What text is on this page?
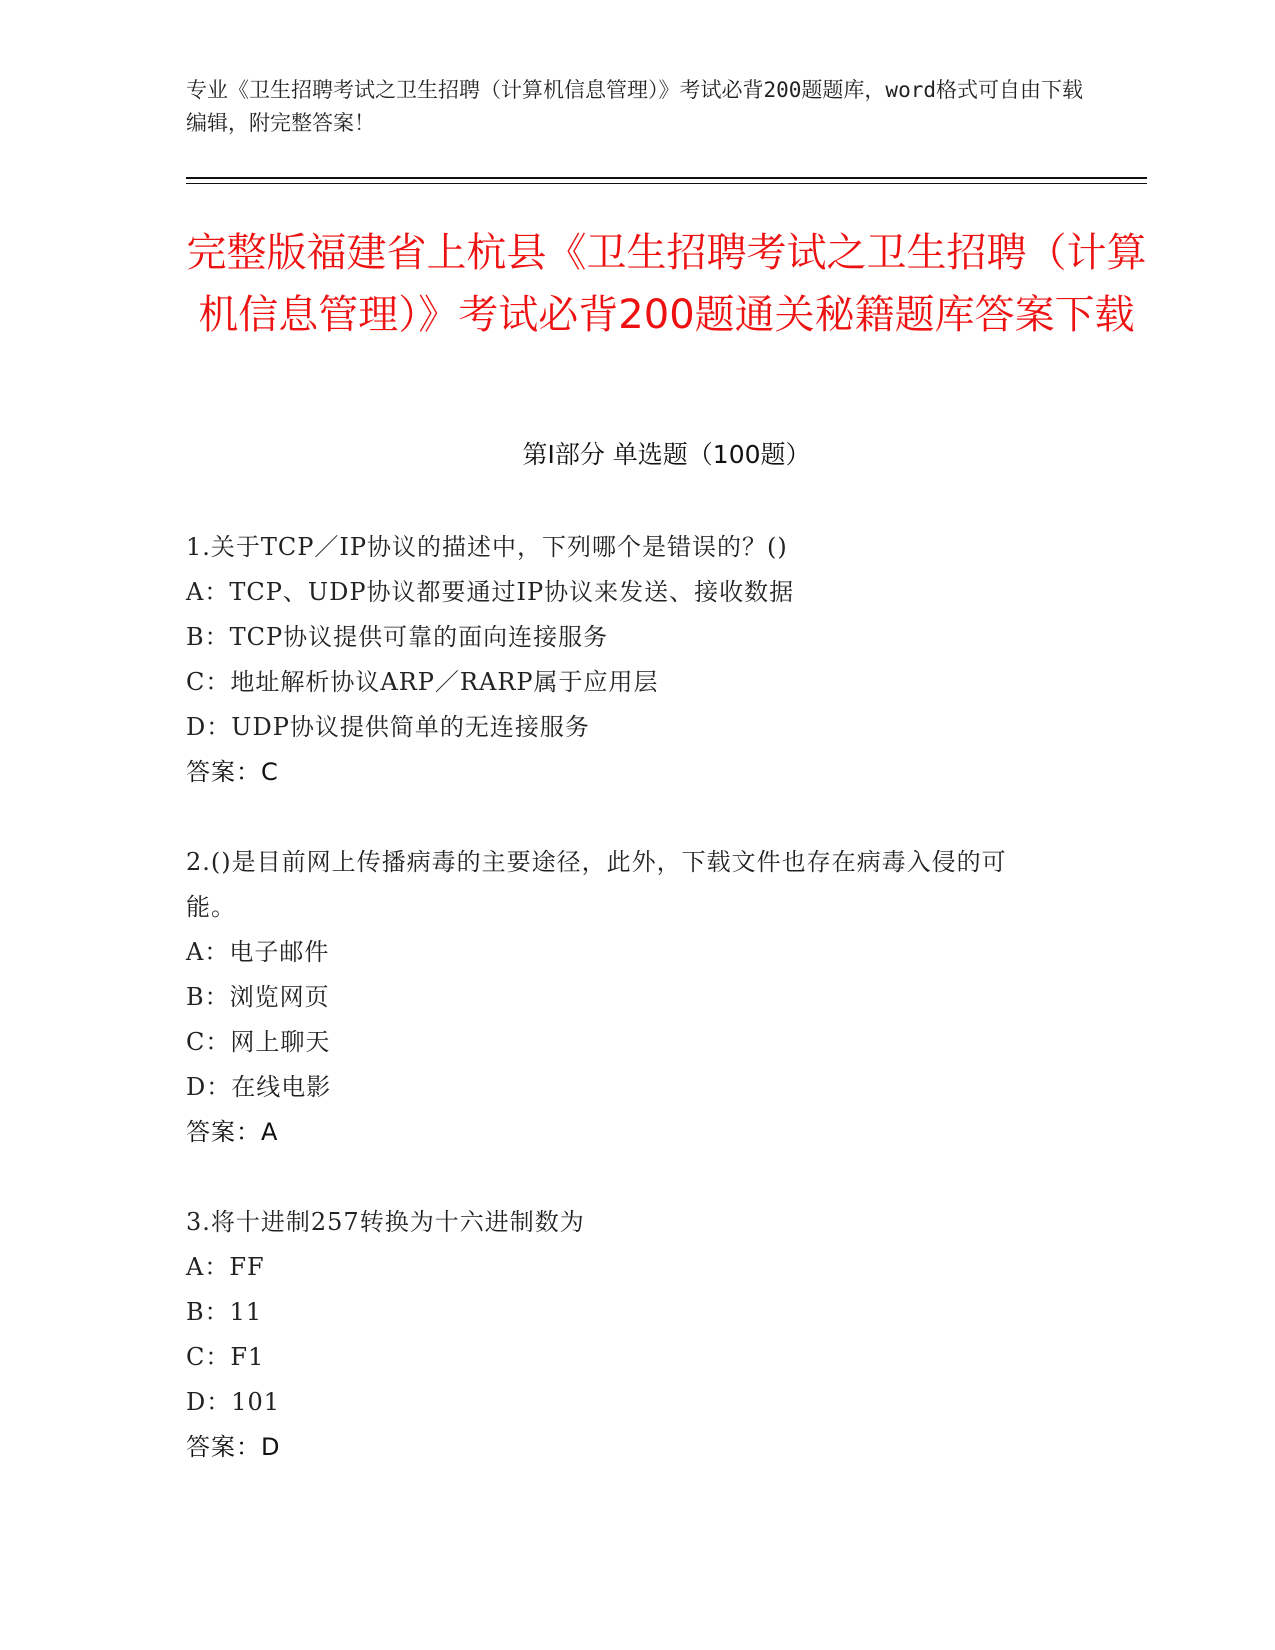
专业《卫生招聘考试之卫生招聘（计算机信息管理）》考试必背200题题库，word格式可自由下载编辑，附完整答案！
完整版福建省上杭县《卫生招聘考试之卫生招聘（计算机信息管理）》考试必背200题通关秘籍题库答案下载
第I部分 单选题（100题）

1.关于TCP／IP协议的描述中，下列哪个是错误的？()

A：TCP、UDP协议都要通过IP协议来发送、接收数据

B：TCP协议提供可靠的面向连接服务

C：地址解析协议ARP／RARP属于应用层

D：UDP协议提供简单的无连接服务

答案：C

2.()是目前网上传播病毒的主要途径，此外，下载文件也存在病毒入侵的可能。

A：电子邮件

B：浏览网页

C：网上聊天

D：在线电影

答案：A

3.将十进制257转换为十六进制数为

A：FF

B：11

C：F1

D：101

答案：D
